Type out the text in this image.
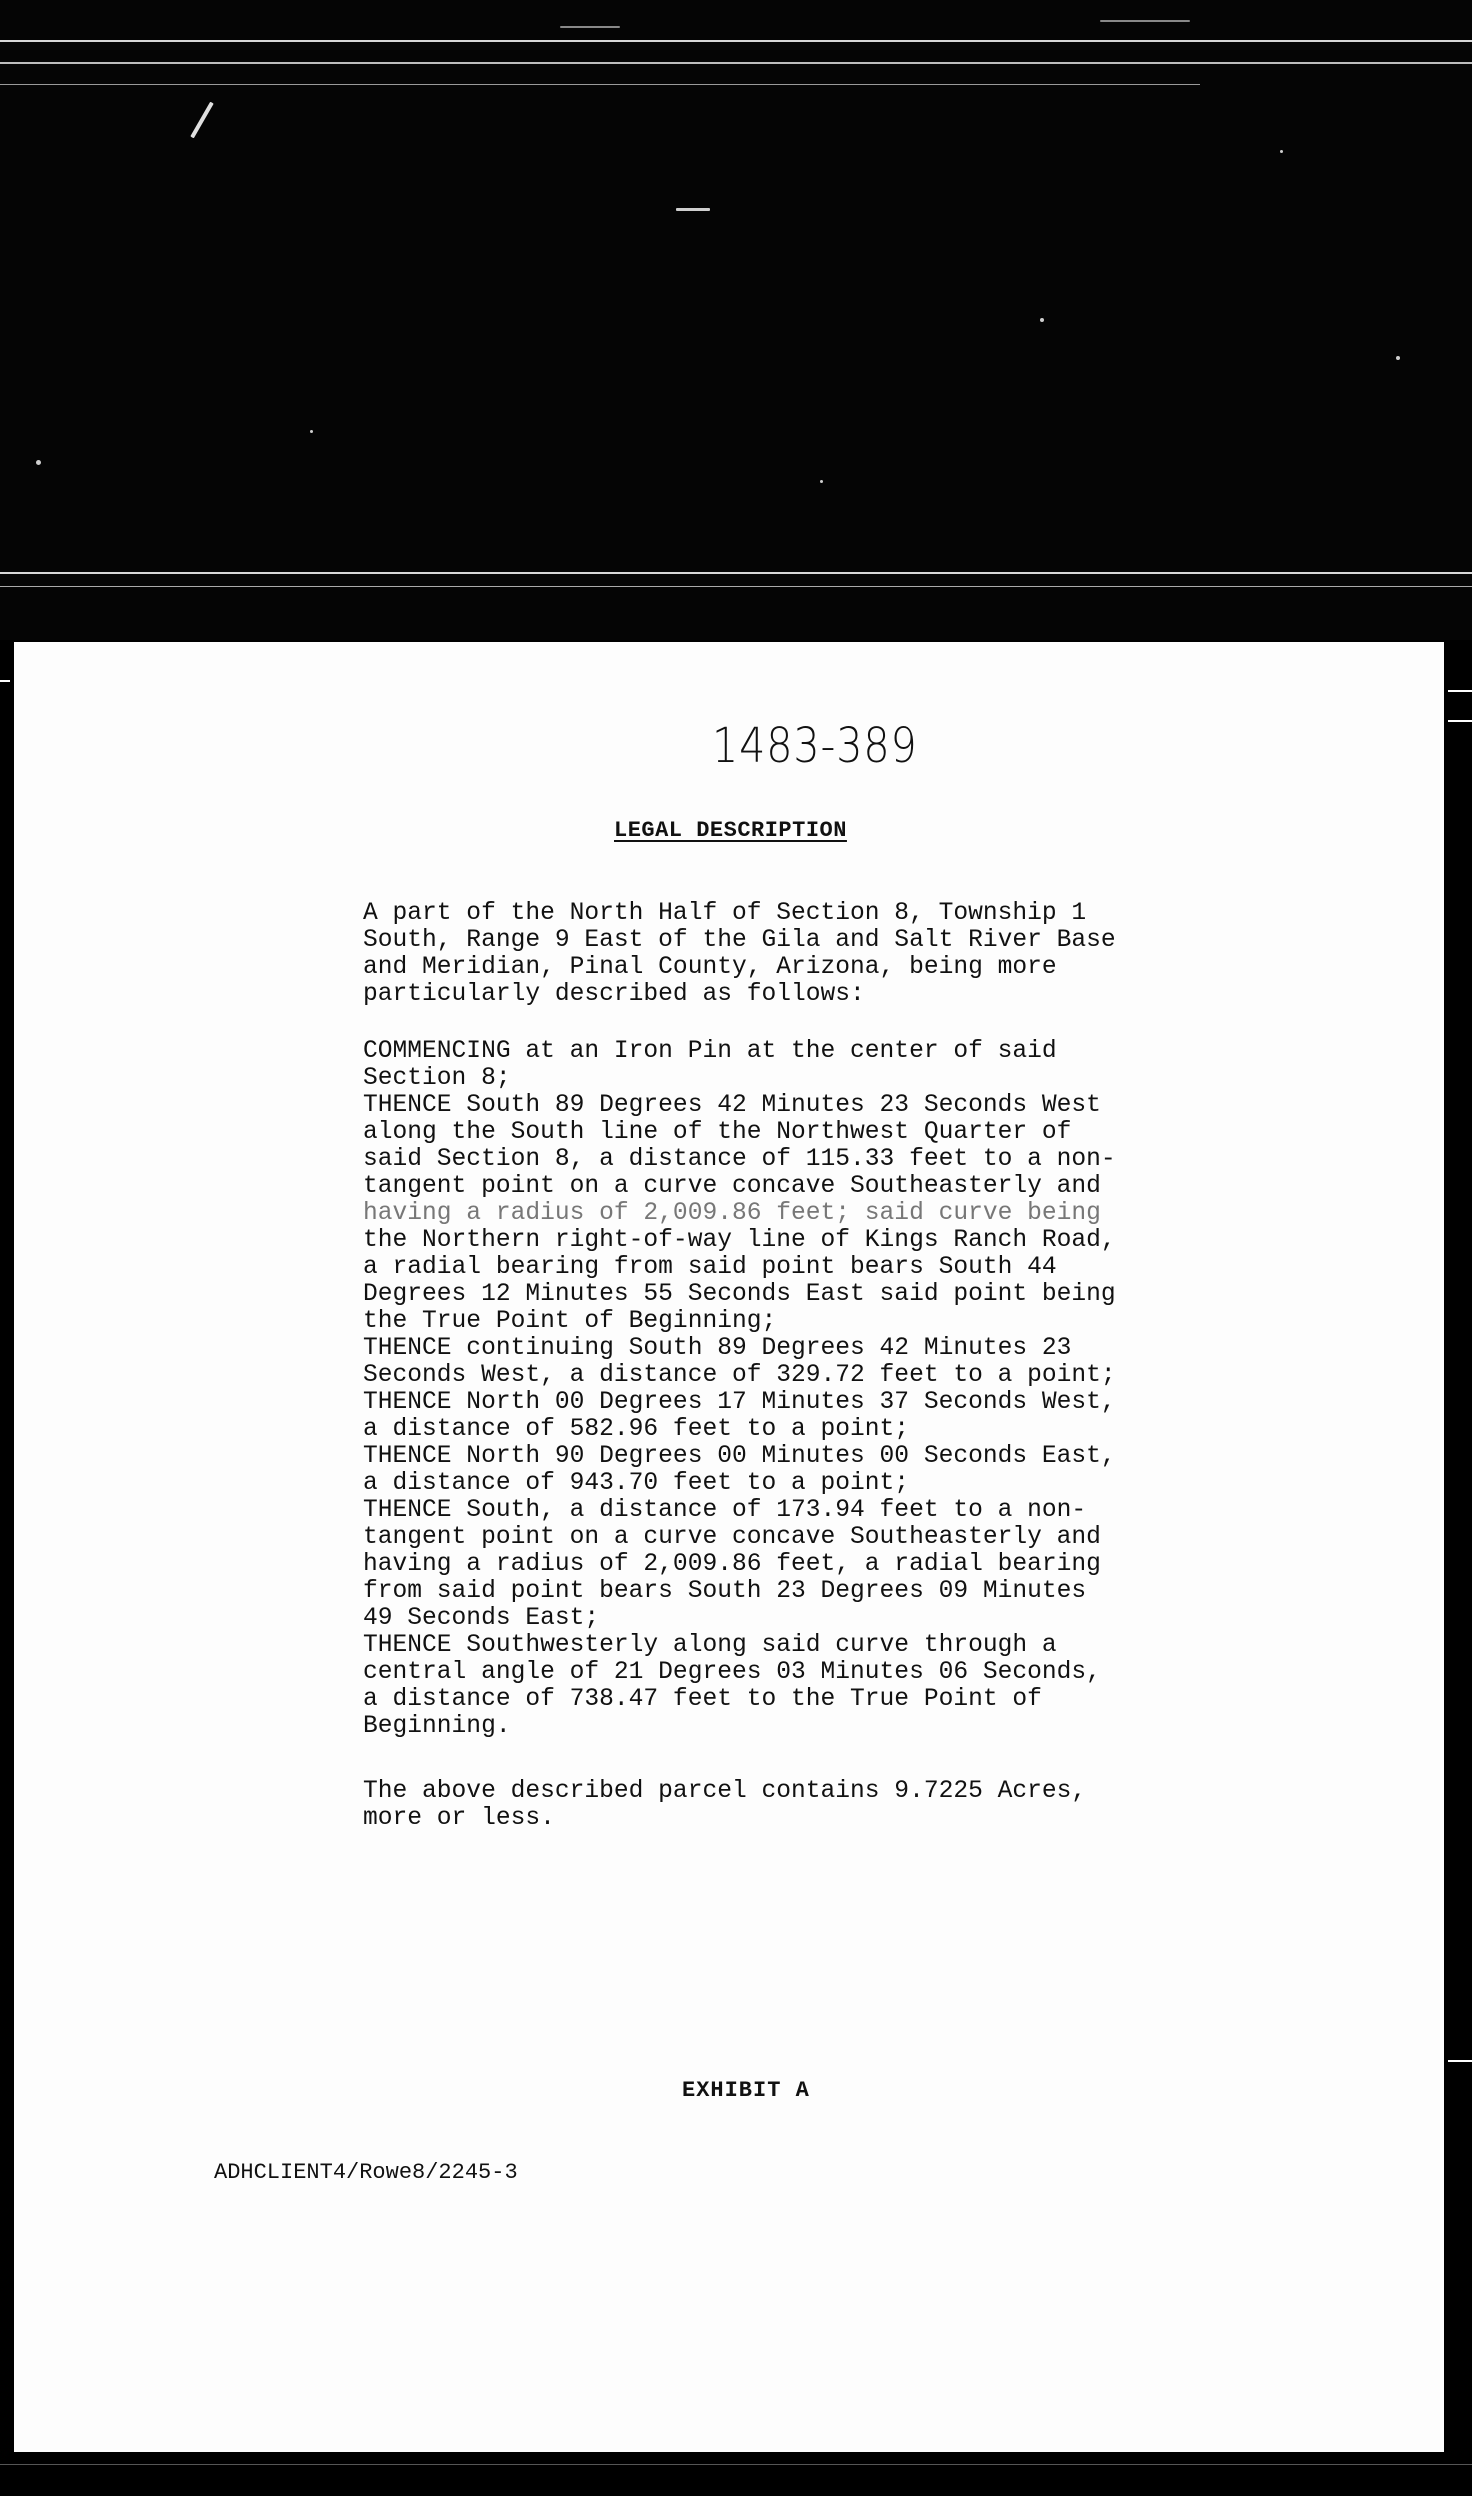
1483-389
LEGAL DESCRIPTION
A part of the North Half of Section 8, Township 1
South, Range 9 East of the Gila and Salt River Base
and Meridian, Pinal County, Arizona, being more
particularly described as follows:
COMMENCING at an Iron Pin at the center of said
Section 8;
THENCE South 89 Degrees 42 Minutes 23 Seconds West
along the South line of the Northwest Quarter of
said Section 8, a distance of 115.33 feet to a non-
tangent point on a curve concave Southeasterly and
having a radius of 2,009.86 feet; said curve being
the Northern right-of-way line of Kings Ranch Road,
a radial bearing from said point bears South 44
Degrees 12 Minutes 55 Seconds East said point being
the True Point of Beginning;
THENCE continuing South 89 Degrees 42 Minutes 23
Seconds West, a distance of 329.72 feet to a point;
THENCE North 00 Degrees 17 Minutes 37 Seconds West,
a distance of 582.96 feet to a point;
THENCE North 90 Degrees 00 Minutes 00 Seconds East,
a distance of 943.70 feet to a point;
THENCE South, a distance of 173.94 feet to a non-
tangent point on a curve concave Southeasterly and
having a radius of 2,009.86 feet, a radial bearing
from said point bears South 23 Degrees 09 Minutes
49 Seconds East;
THENCE Southwesterly along said curve through a
central angle of 21 Degrees 03 Minutes 06 Seconds,
a distance of 738.47 feet to the True Point of
Beginning.
The above described parcel contains 9.7225 Acres,
more or less.
EXHIBIT A
ADHCLIENT4/Rowe8/2245-3
